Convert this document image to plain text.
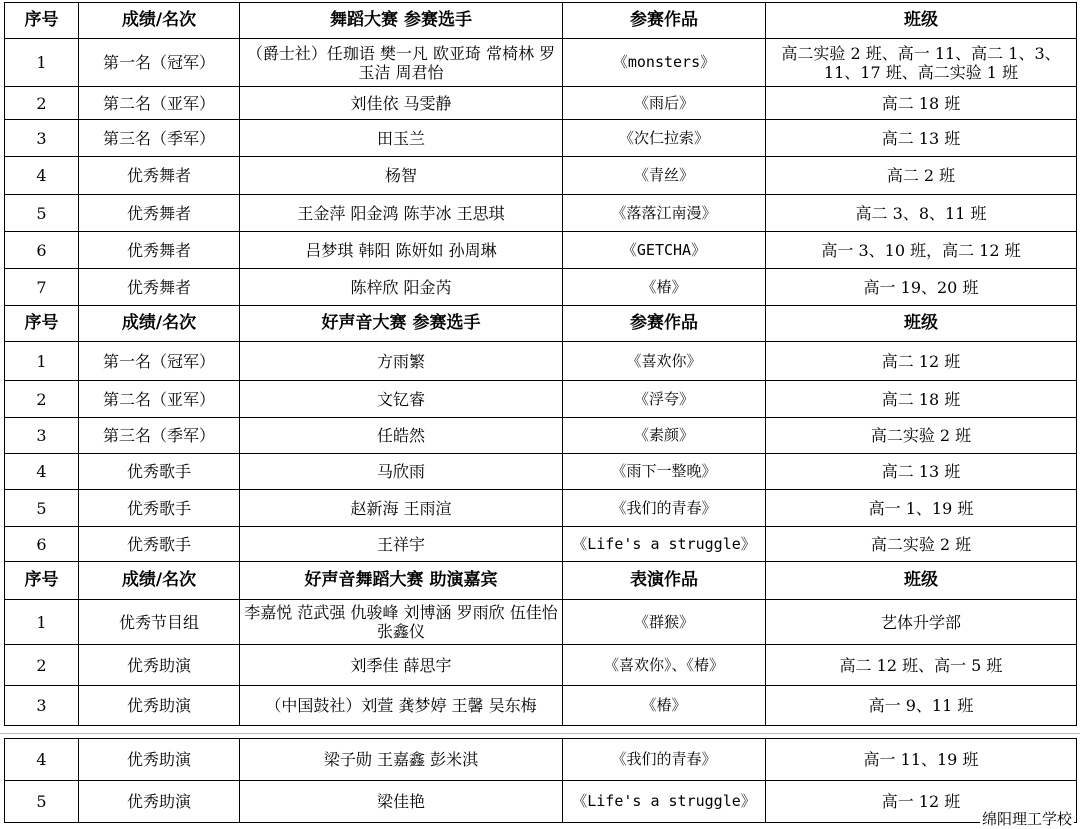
序号	成绩/名次	舞蹈大赛 参赛选手	参赛作品	班级
1	第一名（冠军）	（爵士社）任珈语 樊一凡 欧亚琦 常椅林 罗玉洁 周君怡	《monsters》	高二实验 2 班、高一 11、高二 1、3、11、17 班、高二实验 1 班
2	第二名（亚军）	刘佳依 马雯静	《雨后》	高二 18 班
3	第三名（季军）	田玉兰	《次仁拉索》	高二 13 班
4	优秀舞者	杨智	《青丝》	高二 2 班
5	优秀舞者	王金萍 阳金鸿 陈芋冰 王思琪	《落落江南漫》	高二 3、8、11 班
6	优秀舞者	吕梦琪 韩阳 陈妍如 孙周琳	《GETCHA》	高一 3、10 班，高二 12 班
7	优秀舞者	陈梓欣 阳金芮	《椿》	高一 19、20 班
序号	成绩/名次	好声音大赛 参赛选手	参赛作品	班级
1	第一名（冠军）	方雨繁	《喜欢你》	高二 12 班
2	第二名（亚军）	文钇睿	《浮夸》	高二 18 班
3	第三名（季军）	任皓然	《素颜》	高二实验 2 班
4	优秀歌手	马欣雨	《雨下一整晚》	高二 13 班
5	优秀歌手	赵新海 王雨渲	《我们的青春》	高一 1、19 班
6	优秀歌手	王祥宇	《Life's a struggle》	高二实验 2 班
序号	成绩/名次	好声音舞蹈大赛 助演嘉宾	表演作品	班级
1	优秀节目组	李嘉悦 范武强 仇骏峰 刘博涵 罗雨欣 伍佳怡 张鑫仪	《群猴》	艺体升学部
2	优秀助演	刘季佳 薛思宇	《喜欢你》、《椿》	高二 12 班、高一 5 班
3	优秀助演	（中国鼓社）刘萱 龚梦婷 王馨 吴东梅	《椿》	高一 9、11 班
4	优秀助演	梁子勋 王嘉鑫 彭米淇	《我们的青春》	高一 11、19 班
5	优秀助演	梁佳艳	《Life's a struggle》	高一 12 班
绵阳理工学校
